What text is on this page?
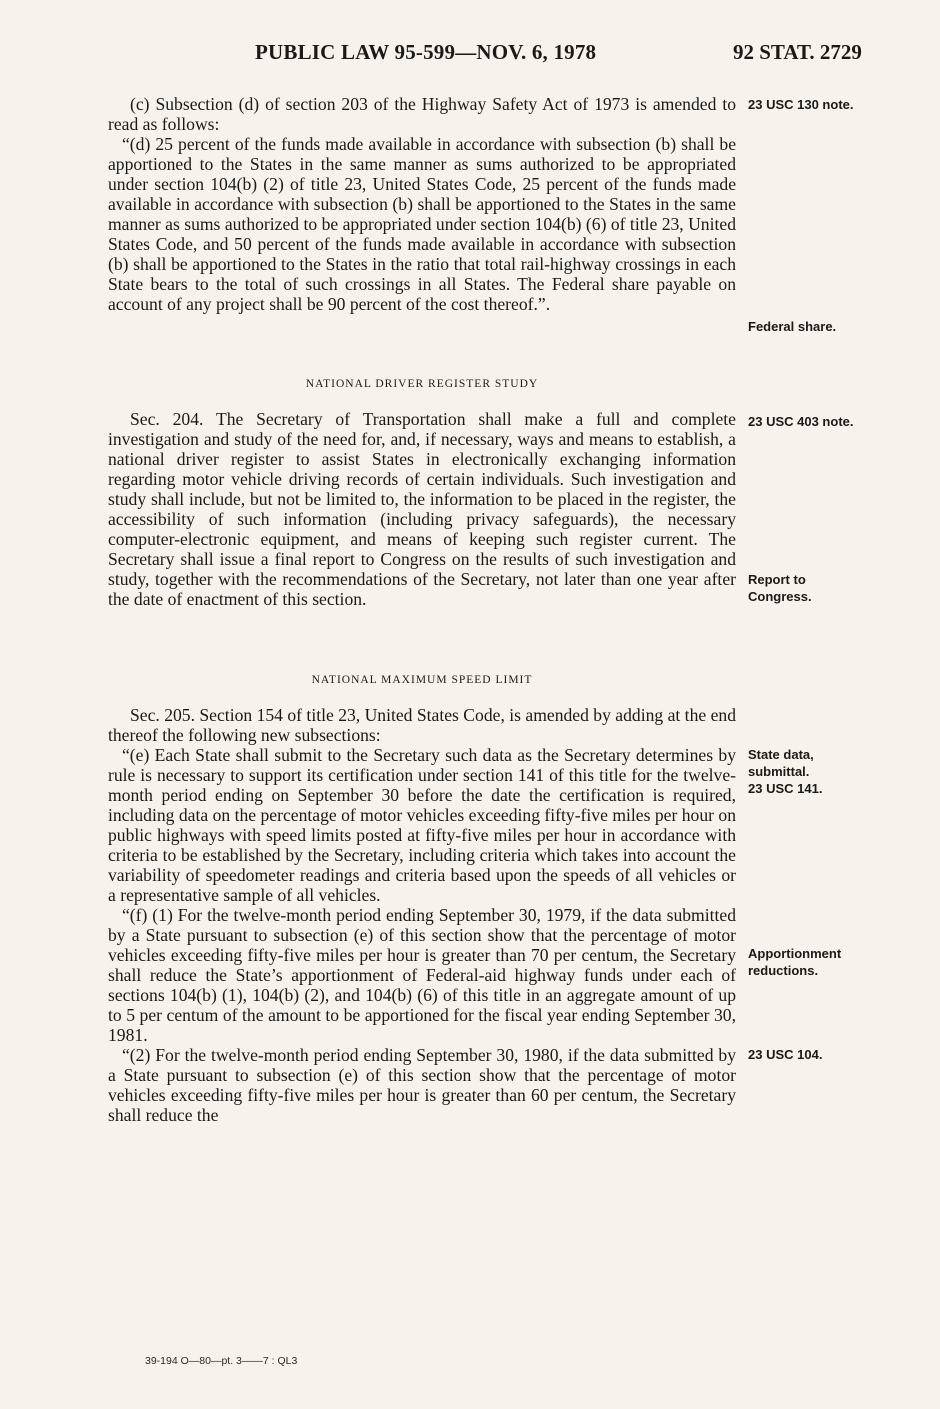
PUBLIC LAW 95-599—NOV. 6, 1978	92 STAT. 2729

(c) Subsection (d) of section 203 of the Highway Safety Act of 1973 is amended to read as follows:

“(d) 25 percent of the funds made available in accordance with subsection (b) shall be apportioned to the States in the same manner as sums authorized to be appropriated under section 104(b) (2) of title 23, United States Code, 25 percent of the funds made available in accordance with subsection (b) shall be apportioned to the States in the same manner as sums authorized to be appropriated under section 104(b) (6) of title 23, United States Code, and 50 percent of the funds made available in accordance with subsection (b) shall be apportioned to the States in the ratio that total rail-highway crossings in each State bears to the total of such crossings in all States. The Federal share payable on account of any project shall be 90 percent of the cost thereof.”.

NATIONAL DRIVER REGISTER STUDY

Sec. 204. The Secretary of Transportation shall make a full and complete investigation and study of the need for, and, if necessary, ways and means to establish, a national driver register to assist States in electronically exchanging information regarding motor vehicle driving records of certain individuals. Such investigation and study shall include, but not be limited to, the information to be placed in the register, the accessibility of such information (including privacy safeguards), the necessary computer-electronic equipment, and means of keeping such register current. The Secretary shall issue a final report to Congress on the results of such investigation and study, together with the recommendations of the Secretary, not later than one year after the date of enactment of this section.

NATIONAL MAXIMUM SPEED LIMIT

Sec. 205. Section 154 of title 23, United States Code, is amended by adding at the end thereof the following new subsections:

“(e) Each State shall submit to the Secretary such data as the Secretary determines by rule is necessary to support its certification under section 141 of this title for the twelve-month period ending on September 30 before the date the certification is required, including data on the percentage of motor vehicles exceeding fifty-five miles per hour on public highways with speed limits posted at fifty-five miles per hour in accordance with criteria to be established by the Secretary, including criteria which takes into account the variability of speedometer readings and criteria based upon the speeds of all vehicles or a representative sample of all vehicles.

“(f) (1) For the twelve-month period ending September 30, 1979, if the data submitted by a State pursuant to subsection (e) of this section show that the percentage of motor vehicles exceeding fifty-five miles per hour is greater than 70 per centum, the Secretary shall reduce the State’s apportionment of Federal-aid highway funds under each of sections 104(b) (1), 104(b) (2), and 104(b) (6) of this title in an aggregate amount of up to 5 per centum of the amount to be apportioned for the fiscal year ending September 30, 1981.

“(2) For the twelve-month period ending September 30, 1980, if the data submitted by a State pursuant to subsection (e) of this section show that the percentage of motor vehicles exceeding fifty-five miles per hour is greater than 60 per centum, the Secretary shall reduce the

23 USC 130 note.
Federal share.
23 USC 403 note.
Report to
Congress.
State data,
submittal.
23 USC 141.
Apportionment
reductions.
23 USC 104.
39-194 O—80—pt. 3——7 : QL3
